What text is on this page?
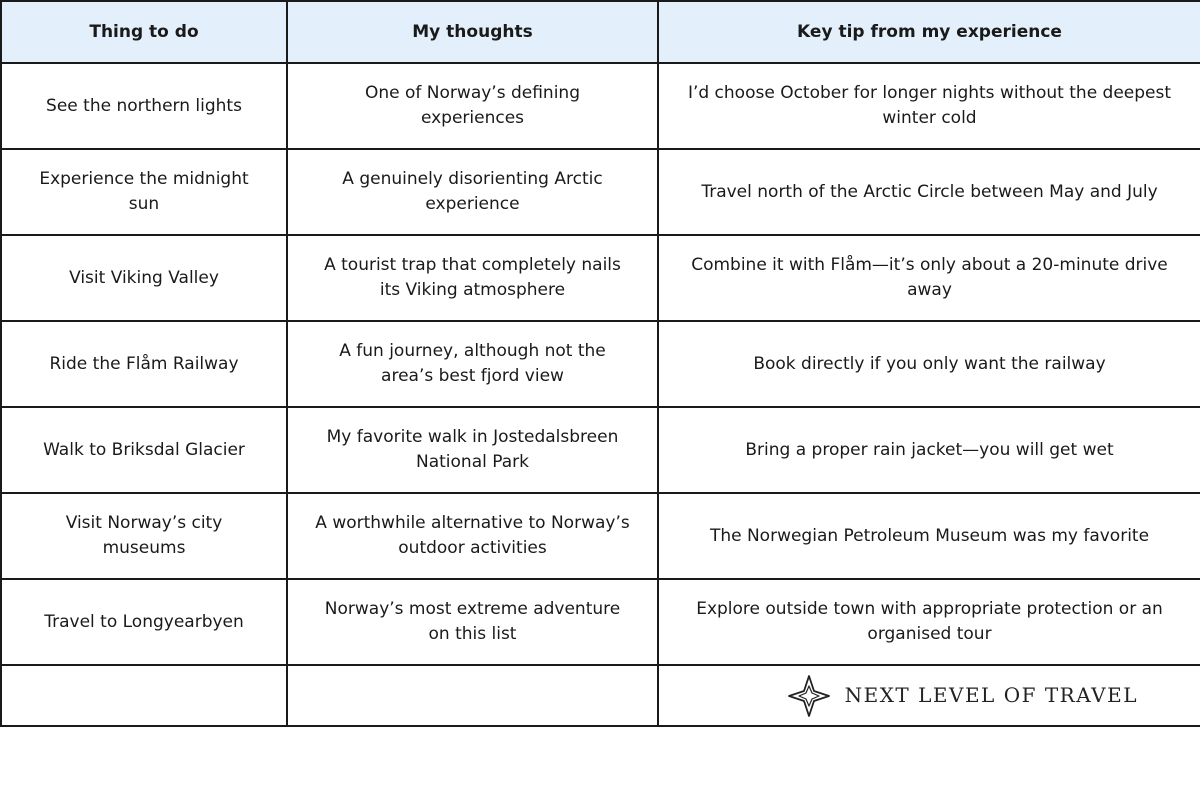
Thing to do	My thoughts	Key tip from my experience
See the northern lights	One of Norway’s defining experiences	I’d choose October for longer nights without the deepest winter cold
Experience the midnight sun	A genuinely disorienting Arctic experience	Travel north of the Arctic Circle between May and July
Visit Viking Valley	A tourist trap that completely nails its Viking atmosphere	Combine it with Flåm—it’s only about a 20-minute drive away
Ride the Flåm Railway	A fun journey, although not the area’s best fjord view	Book directly if you only want the railway
Walk to Briksdal Glacier	My favorite walk in Jostedalsbreen National Park	Bring a proper rain jacket—you will get wet
Visit Norway’s city museums	A worthwhile alternative to Norway’s outdoor activities	The Norwegian Petroleum Museum was my favorite
Travel to Longyearbyen	Norway’s most extreme adventure on this list	Explore outside town with appropriate protection or an organised tour

		NEXT LEVEL OF TRAVEL
